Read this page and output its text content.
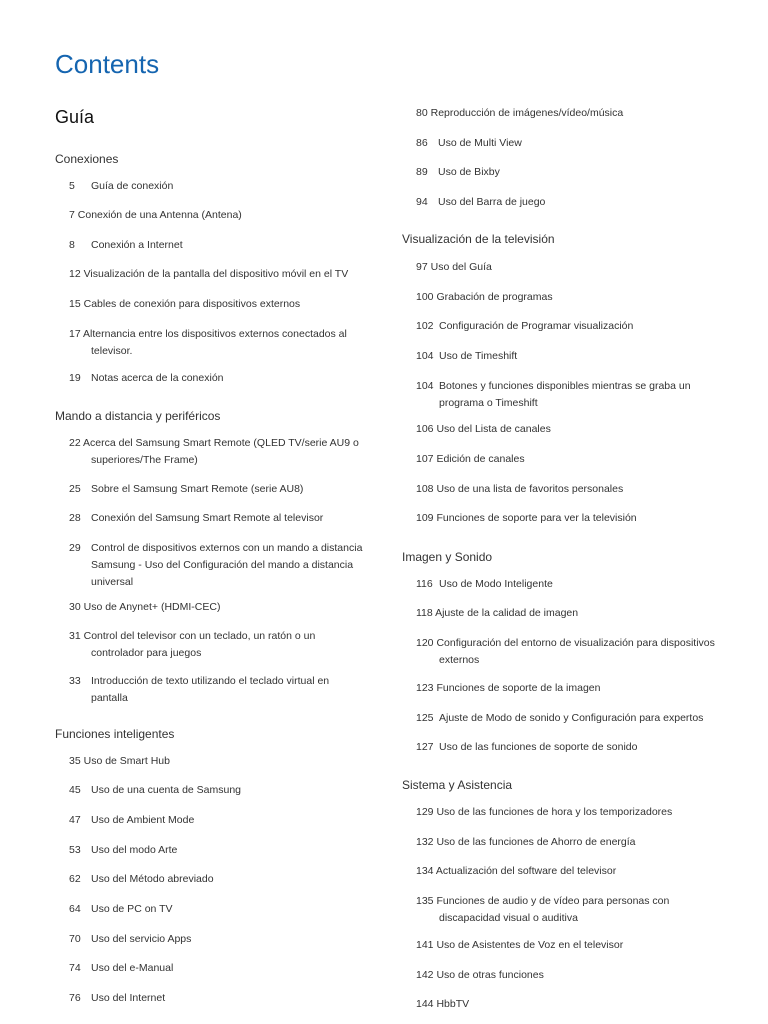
Contents
Guía
Conexiones
5 Guía de conexión
7 Conexión de una Antenna (Antena)
8 Conexión a Internet
12 Visualización de la pantalla del dispositivo móvil en el TV
15 Cables de conexión para dispositivos externos
17 Alternancia entre los dispositivos externos conectados al
televisor.
19 Notas acerca de la conexión
Mando a distancia y periféricos
22 Acerca del Samsung Smart Remote (QLED TV/serie AU9 o
superiores/The Frame)
25 Sobre el Samsung Smart Remote (serie AU8)
28 Conexión del Samsung Smart Remote al televisor
29 Control de dispositivos externos con un mando a distancia
Samsung - Uso del Configuración del mando a distancia
universal
30 Uso de Anynet+ (HDMI-CEC)
31 Control del televisor con un teclado, un ratón o un
controlador para juegos
33 Introducción de texto utilizando el teclado virtual en
pantalla
Funciones inteligentes
35 Uso de Smart Hub
45 Uso de una cuenta de Samsung
47 Uso de Ambient Mode
53 Uso del modo Arte
62 Uso del Método abreviado
64 Uso de PC on TV
70 Uso del servicio Apps
74 Uso del e-Manual
76 Uso del Internet
80 Reproducción de imágenes/vídeo/música
86 Uso de Multi View
89 Uso de Bixby
94 Uso del Barra de juego
Visualización de la televisión
97 Uso del Guía
100 Grabación de programas
102 Configuración de Programar visualización
104 Uso de Timeshift
104 Botones y funciones disponibles mientras se graba un
programa o Timeshift
106 Uso del Lista de canales
107 Edición de canales
108 Uso de una lista de favoritos personales
109 Funciones de soporte para ver la televisión
Imagen y Sonido
116 Uso de Modo Inteligente
118 Ajuste de la calidad de imagen
120 Configuración del entorno de visualización para dispositivos
externos
123 Funciones de soporte de la imagen
125 Ajuste de Modo de sonido y Configuración para expertos
127 Uso de las funciones de soporte de sonido
Sistema y Asistencia
129 Uso de las funciones de hora y los temporizadores
132 Uso de las funciones de Ahorro de energía
134 Actualización del software del televisor
135 Funciones de audio y de vídeo para personas con
discapacidad visual o auditiva
141 Uso de Asistentes de Voz en el televisor
142 Uso de otras funciones
144 HbbTV
